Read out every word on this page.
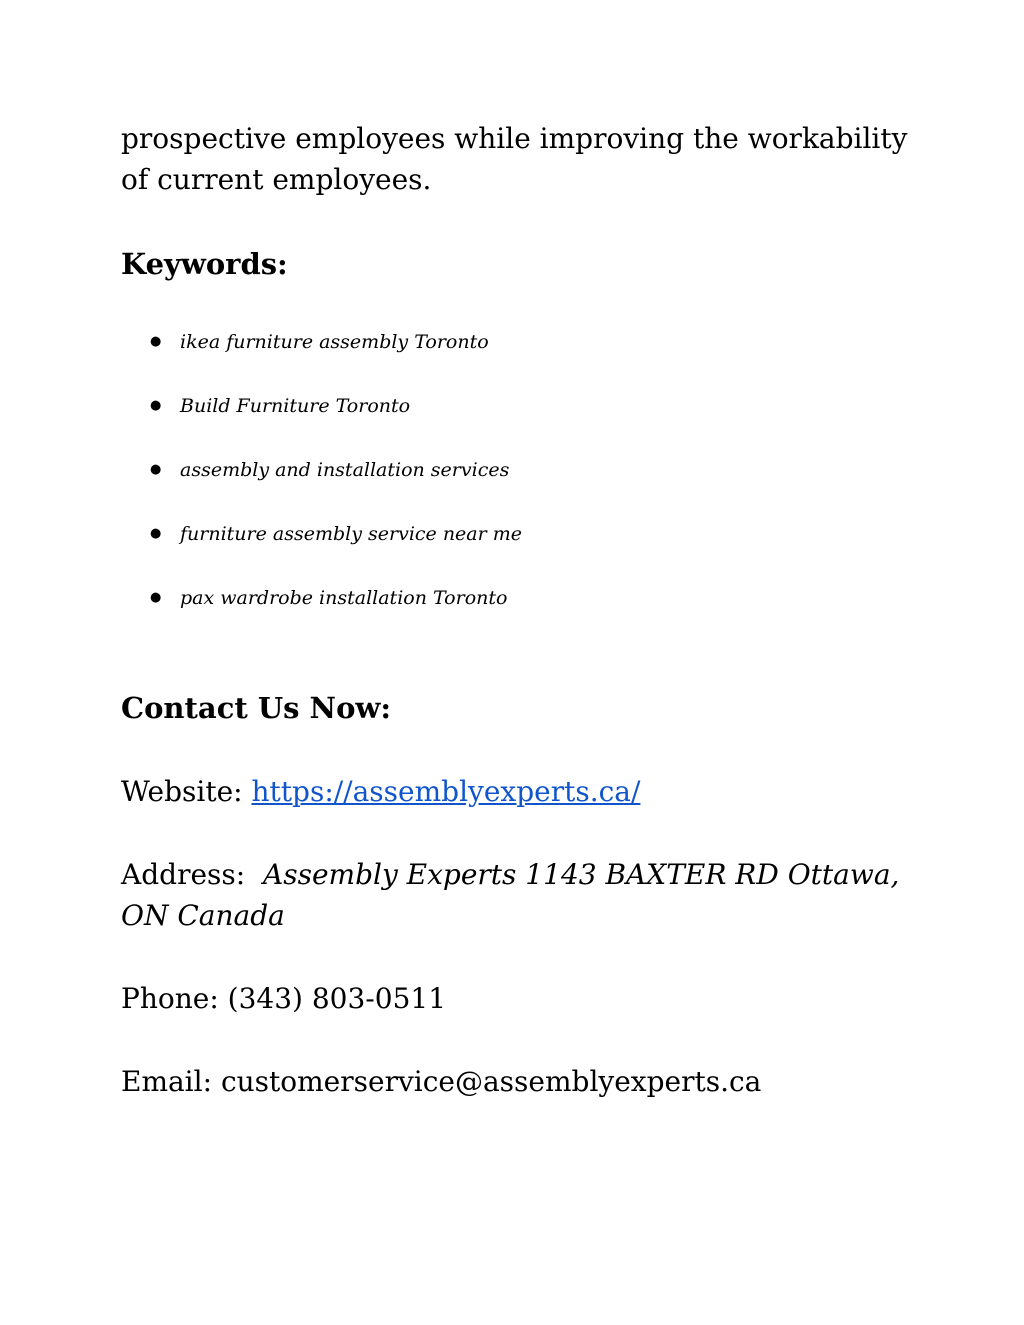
prospective employees while improving the workability of current employees.

Keywords:
● ikea furniture assembly Toronto
● Build Furniture Toronto
● assembly and installation services
● furniture assembly service near me
● pax wardrobe installation Toronto
Contact Us Now:

Website: https://assemblyexperts.ca/

Address:  Assembly Experts 1143 BAXTER RD Ottawa, ON Canada

Phone: (343) 803-0511

Email: customerservice@assemblyexperts.ca
